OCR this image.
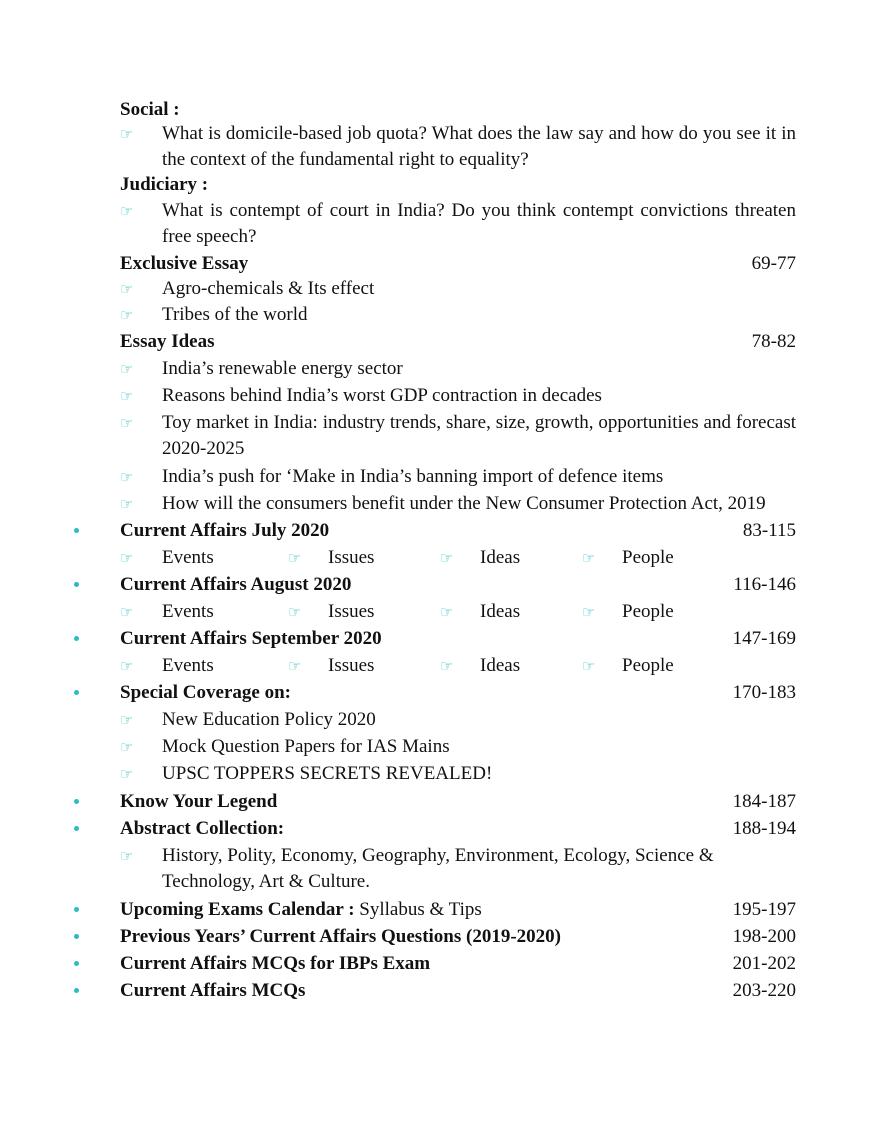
Social :
☞ What is domicile-based job quota? What does the law say and how do you see it in the context of the fundamental right to equality?
Judiciary :
☞ What is contempt of court in India? Do you think contempt convictions threaten free speech?
Exclusive Essay	69-77
☞ Agro-chemicals & Its effect
☞ Tribes of the world
Essay Ideas	78-82
☞ India’s renewable energy sector
☞ Reasons behind India’s worst GDP contraction in decades
☞ Toy market in India: industry trends, share, size, growth, opportunities and forecast 2020-2025
☞ India’s push for ‘Make in India’s banning import of defence items
☞ How will the consumers benefit under the New Consumer Protection Act, 2019
Current Affairs July 2020	83-115
☞ Events	☞ Issues	☞ Ideas	☞ People
Current Affairs August 2020	116-146
☞ Events	☞ Issues	☞ Ideas	☞ People
Current Affairs September 2020	147-169
☞ Events	☞ Issues	☞ Ideas	☞ People
Special Coverage on:	170-183
☞ New Education Policy 2020
☞ Mock Question Papers for IAS Mains
☞ UPSC TOPPERS SECRETS REVEALED!
Know Your Legend	184-187
Abstract Collection:	188-194
☞ History, Polity, Economy, Geography, Environment, Ecology, Science & Technology, Art & Culture.
Upcoming Exams Calendar : Syllabus & Tips	195-197
Previous Years’ Current Affairs Questions (2019-2020)	198-200
Current Affairs MCQs for IBPs Exam	201-202
Current Affairs MCQs	203-220
